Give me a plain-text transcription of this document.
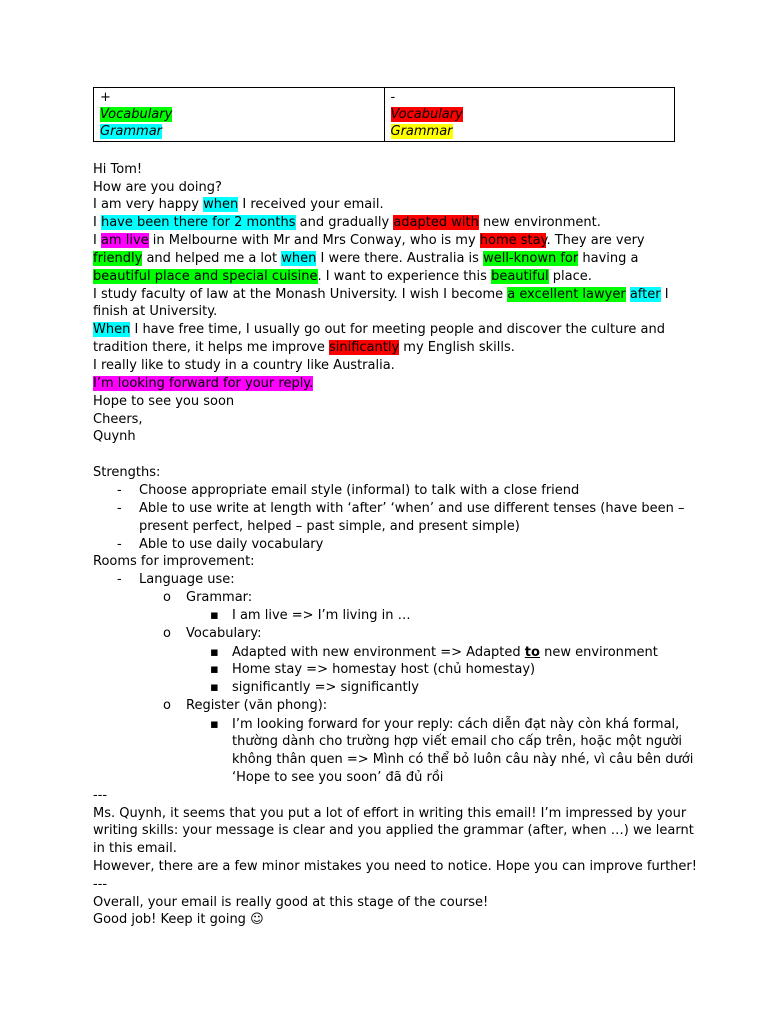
+
Vocabulary
Grammar

-
Vocabulary
Grammar
Hi Tom!
How are you doing?
I am very happy when I received your email.
I have been there for 2 months and gradually adapted with new environment.
I am live in Melbourne with Mr and Mrs Conway, who is my home stay. They are very
friendly and helped me a lot when I were there. Australia is well-known for having a
beautiful place and special cuisine. I want to experience this beautiful place.
I study faculty of law at the Monash University. I wish I become a excellent lawyer after I
finish at University.
When I have free time, I usually go out for meeting people and discover the culture and
tradition there, it helps me improve sinificantly my English skills.
I really like to study in a country like Australia.
I’m looking forward for your reply.
Hope to see you soon
Cheers,
Quynh
Strengths:
- Choose appropriate email style (informal) to talk with a close friend
- Able to use write at length with ‘after’ ‘when’ and use different tenses (have been –
present perfect, helped – past simple, and present simple)
- Able to use daily vocabulary
Rooms for improvement:
- Language use:
o Grammar:
▪ I am live => I’m living in …
o Vocabulary:
▪ Adapted with new environment => Adapted to new environment
▪ Home stay => homestay host (chủ homestay)
▪ significantly => significantly
o Register (văn phong):
▪ I’m looking forward for your reply: cách diễn đạt này còn khá formal,
thường dành cho trường hợp viết email cho cấp trên, hoặc một người
không thân quen => Mình có thể bỏ luôn câu này nhé, vì câu bên dưới
‘Hope to see you soon’ đã đủ rồi
---
Ms. Quynh, it seems that you put a lot of effort in writing this email! I’m impressed by your
writing skills: your message is clear and you applied the grammar (after, when …) we learnt
in this email.
However, there are a few minor mistakes you need to notice. Hope you can improve further!
---
Overall, your email is really good at this stage of the course!
Good job! Keep it going ☺
